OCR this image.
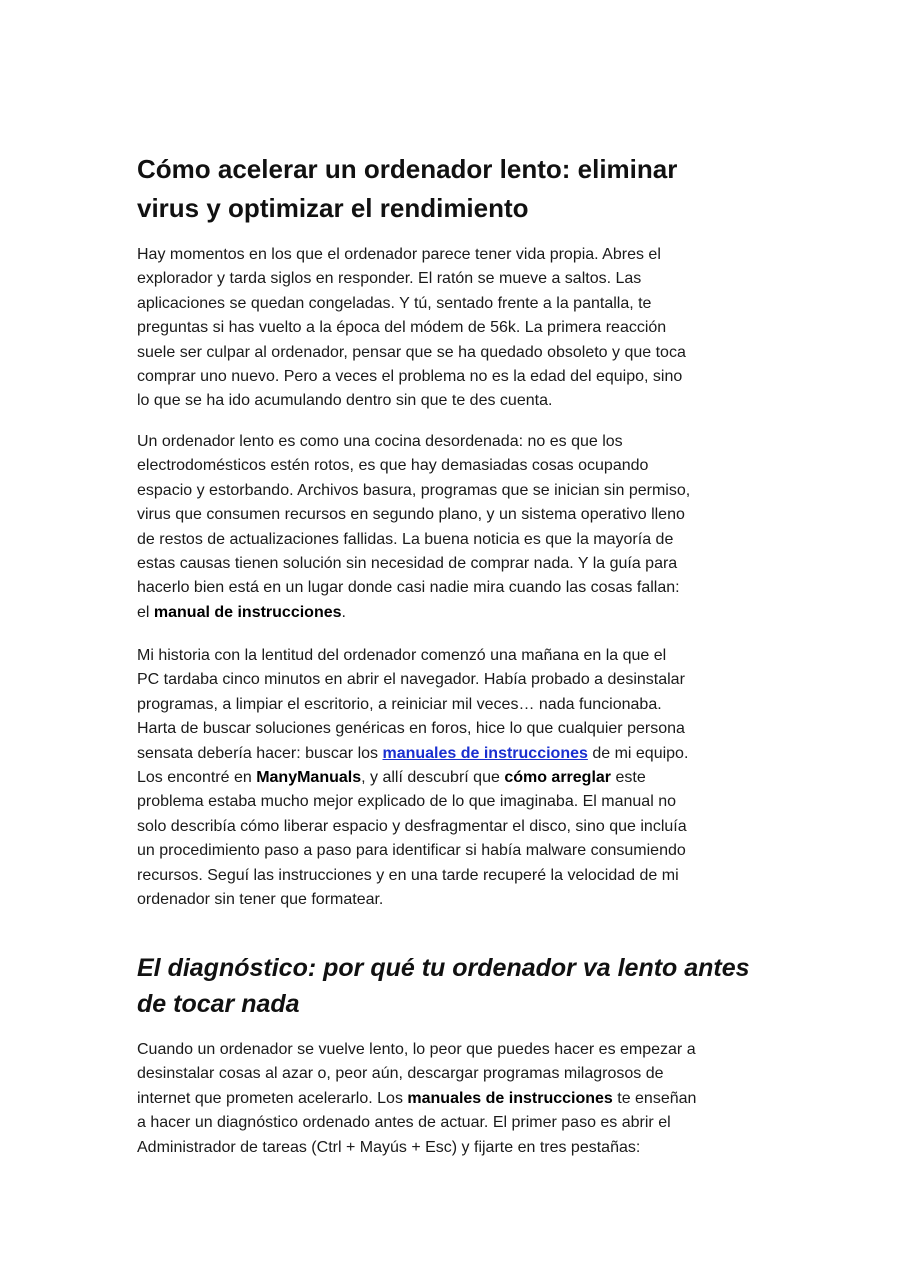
Cómo acelerar un ordenador lento: eliminar
virus y optimizar el rendimiento
Hay momentos en los que el ordenador parece tener vida propia. Abres el
explorador y tarda siglos en responder. El ratón se mueve a saltos. Las
aplicaciones se quedan congeladas. Y tú, sentado frente a la pantalla, te
preguntas si has vuelto a la época del módem de 56k. La primera reacción
suele ser culpar al ordenador, pensar que se ha quedado obsoleto y que toca
comprar uno nuevo. Pero a veces el problema no es la edad del equipo, sino
lo que se ha ido acumulando dentro sin que te des cuenta.
Un ordenador lento es como una cocina desordenada: no es que los
electrodomésticos estén rotos, es que hay demasiadas cosas ocupando
espacio y estorbando. Archivos basura, programas que se inician sin permiso,
virus que consumen recursos en segundo plano, y un sistema operativo lleno
de restos de actualizaciones fallidas. La buena noticia es que la mayoría de
estas causas tienen solución sin necesidad de comprar nada. Y la guía para
hacerlo bien está en un lugar donde casi nadie mira cuando las cosas fallan:
el manual de instrucciones.
Mi historia con la lentitud del ordenador comenzó una mañana en la que el
PC tardaba cinco minutos en abrir el navegador. Había probado a desinstalar
programas, a limpiar el escritorio, a reiniciar mil veces… nada funcionaba.
Harta de buscar soluciones genéricas en foros, hice lo que cualquier persona
sensata debería hacer: buscar los manuales de instrucciones de mi equipo.
Los encontré en ManyManuals, y allí descubrí que cómo arreglar este
problema estaba mucho mejor explicado de lo que imaginaba. El manual no
solo describía cómo liberar espacio y desfragmentar el disco, sino que incluía
un procedimiento paso a paso para identificar si había malware consumiendo
recursos. Seguí las instrucciones y en una tarde recuperé la velocidad de mi
ordenador sin tener que formatear.
El diagnóstico: por qué tu ordenador va lento antes
de tocar nada
Cuando un ordenador se vuelve lento, lo peor que puedes hacer es empezar a
desinstalar cosas al azar o, peor aún, descargar programas milagrosos de
internet que prometen acelerarlo. Los manuales de instrucciones te enseñan
a hacer un diagnóstico ordenado antes de actuar. El primer paso es abrir el
Administrador de tareas (Ctrl + Mayús + Esc) y fijarte en tres pestañas:
